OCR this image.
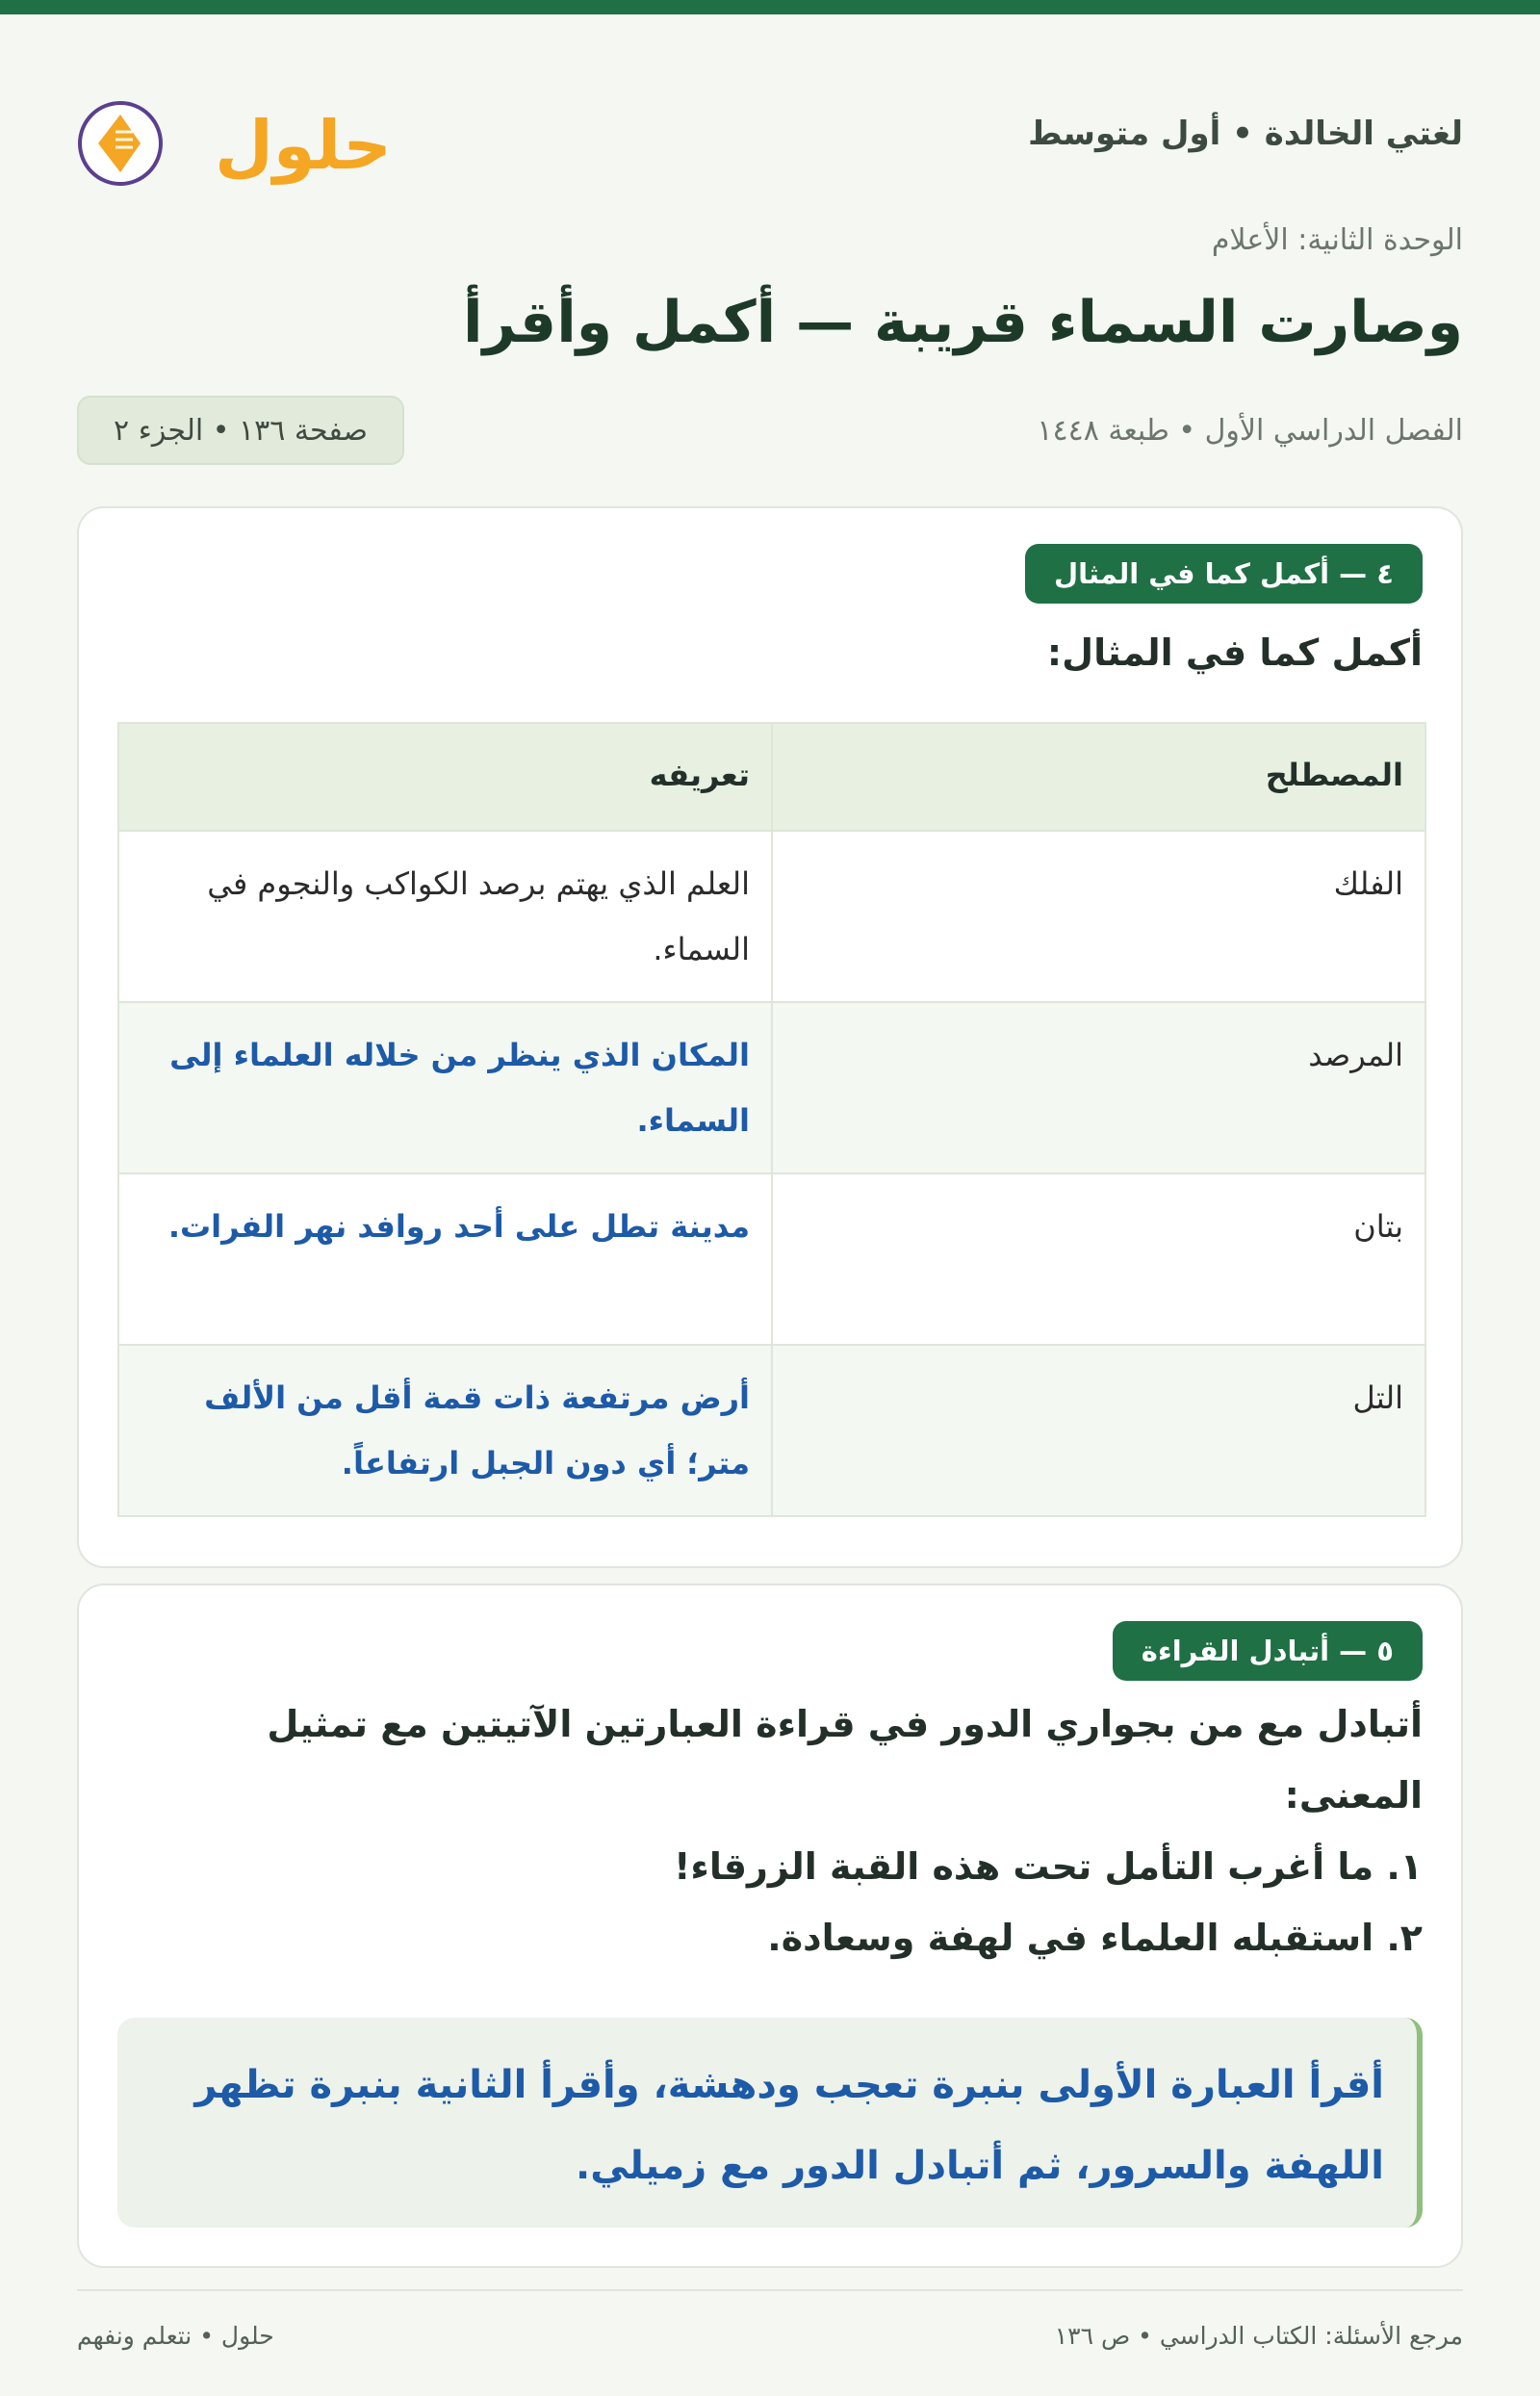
لغتي الخالدة • أول متوسط
حلول
الوحدة الثانية: الأعلام
وصارت السماء قريبة — أكمل وأقرأ
الفصل الدراسي الأول • طبعة ١٤٤٨
صفحة ١٣٦ • الجزء ٢
٤ — أكمل كما في المثال
أكمل كما في المثال:
المصطلح	تعريفه
الفلك	العلم الذي يهتم برصد الكواكب والنجوم في السماء.
المرصد	المكان الذي ينظر من خلاله العلماء إلى السماء.
بتان	مدينة تطل على أحد روافد نهر الفرات.
التل	أرض مرتفعة ذات قمة أقل من الألف متر؛ أي دون الجبل ارتفاعاً.
٥ — أتبادل القراءة
أتبادل مع من بجواري الدور في قراءة العبارتين الآتيتين مع تمثيل
المعنى:
١. ما أغرب التأمل تحت هذه القبة الزرقاء!
٢. استقبله العلماء في لهفة وسعادة.
أقرأ العبارة الأولى بنبرة تعجب ودهشة، وأقرأ الثانية بنبرة تظهر اللهفة والسرور، ثم أتبادل الدور مع زميلي.
مرجع الأسئلة: الكتاب الدراسي • ص ١٣٦
حلول • نتعلم ونفهم
